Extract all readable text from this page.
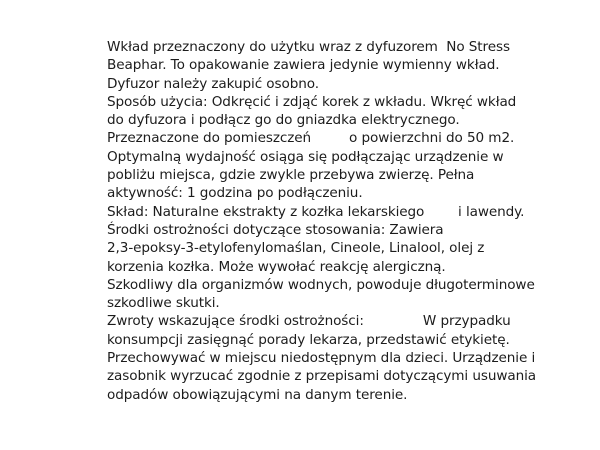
Wkład przeznaczony do użytku wraz z dyfuzorem  No Stress
Beaphar. To opakowanie zawiera jedynie wymienny wkład.
Dyfuzor należy zakupić osobno.
Sposób użycia: Odkręcić i zdjąć korek z wkładu. Wkręć wkład
do dyfuzora i podłącz go do gniazdka elektrycznego.
Przeznaczone do pomieszczeń         o powierzchni do 50 m2.
Optymalną wydajność osiąga się podłączając urządzenie w
pobliżu miejsca, gdzie zwykle przebywa zwierzę. Pełna
aktywność: 1 godzina po podłączeniu.
Skład: Naturalne ekstrakty z kozłka lekarskiego        i lawendy.
Środki ostrożności dotyczące stosowania: Zawiera
2,3-epoksy-3-etylofenylomaślan, Cineole, Linalool, olej z
korzenia kozłka. Może wywołać reakcję alergiczną.
Szkodliwy dla organizmów wodnych, powoduje długoterminowe
szkodliwe skutki.
Zwroty wskazujące środki ostrożności:              W przypadku
konsumpcji zasięgnąć porady lekarza, przedstawić etykietę.
Przechowywać w miejscu niedostępnym dla dzieci. Urządzenie i
zasobnik wyrzucać zgodnie z przepisami dotyczącymi usuwania
odpadów obowiązującymi na danym terenie.
